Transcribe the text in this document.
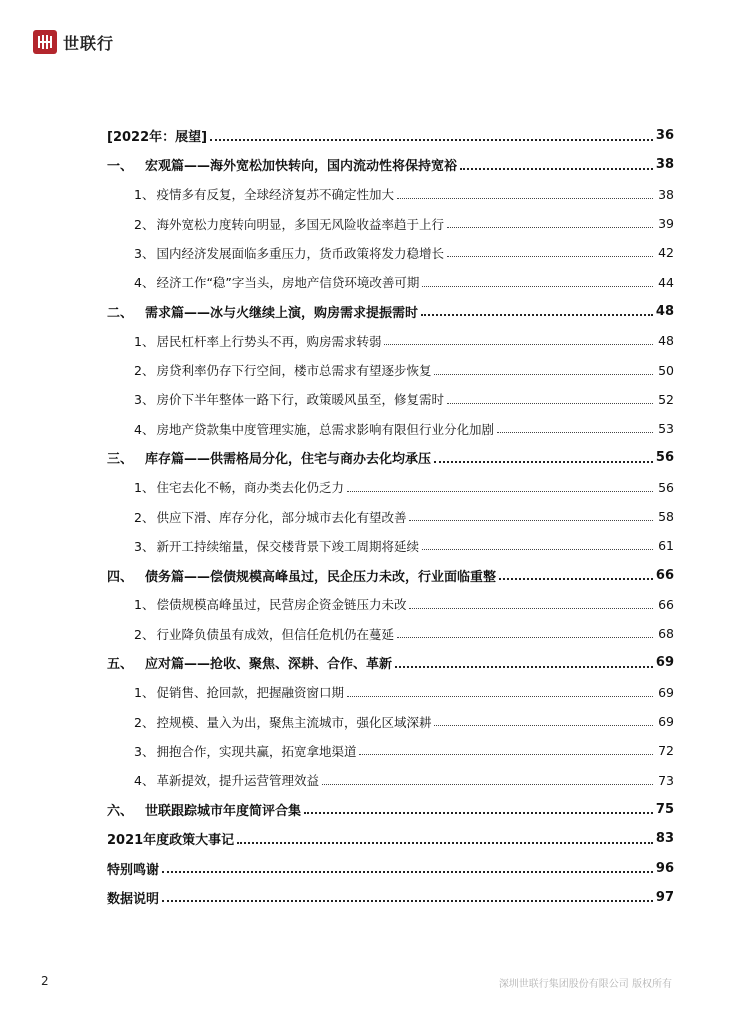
世联行
[2022年：展望]	36
一、 宏观篇——海外宽松加快转向，国内流动性将保持宽裕	38
1、 疫情多有反复，全球经济复苏不确定性加大	38
2、 海外宽松力度转向明显，多国无风险收益率趋于上行	39
3、 国内经济发展面临多重压力，货币政策将发力稳增长	42
4、 经济工作“稳”字当头，房地产信贷环境改善可期	44
二、 需求篇——冰与火继续上演，购房需求提振需时	48
1、 居民杠杆率上行势头不再，购房需求转弱	48
2、 房贷利率仍存下行空间，楼市总需求有望逐步恢复	50
3、 房价下半年整体一路下行，政策暖风虽至，修复需时	52
4、 房地产贷款集中度管理实施，总需求影响有限但行业分化加剧	53
三、 库存篇——供需格局分化，住宅与商办去化均承压	56
1、 住宅去化不畅，商办类去化仍乏力	56
2、 供应下滑、库存分化，部分城市去化有望改善	58
3、 新开工持续缩量，保交楼背景下竣工周期将延续	61
四、 债务篇——偿债规模高峰虽过，民企压力未改，行业面临重整	66
1、 偿债规模高峰虽过，民营房企资金链压力未改	66
2、 行业降负债虽有成效，但信任危机仍在蔓延	68
五、 应对篇——抢收、聚焦、深耕、合作、革新	69
1、 促销售、抢回款，把握融资窗口期	69
2、 控规模、量入为出，聚焦主流城市，强化区域深耕	69
3、 拥抱合作，实现共赢，拓宽拿地渠道	72
4、 革新提效，提升运营管理效益	73
六、 世联跟踪城市年度简评合集	75
2021年度政策大事记	83
特别鸣谢	96
数据说明	97
2	深圳世联行集团股份有限公司 版权所有
